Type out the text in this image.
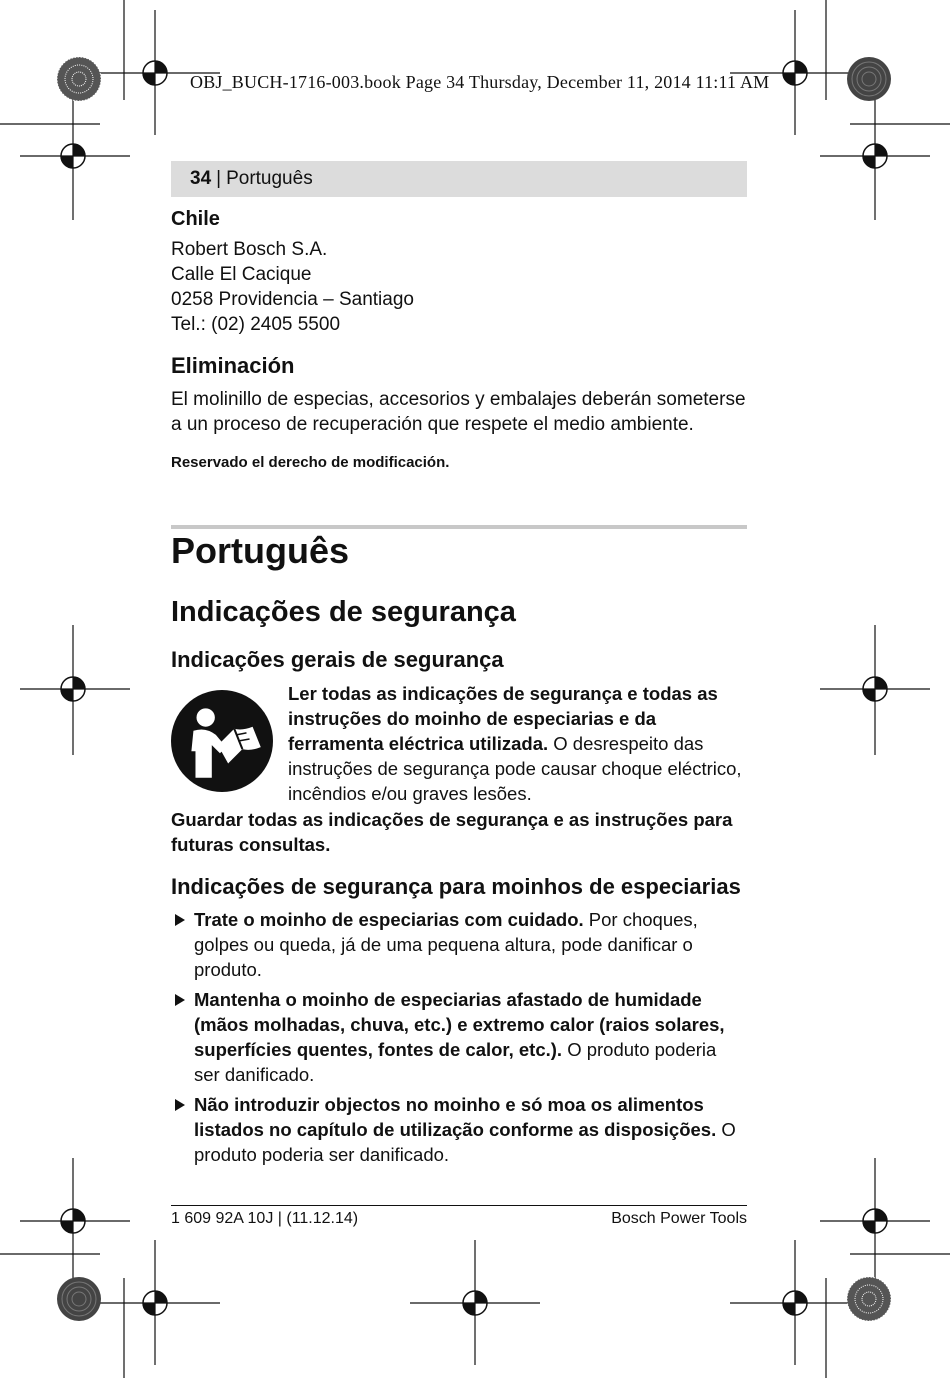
OBJ_BUCH-1716-003.book Page 34 Thursday, December 11, 2014 11:11 AM
34 | Português
Chile
Robert Bosch S.A.
Calle El Cacique
0258 Providencia – Santiago
Tel.: (02) 2405 5500
Eliminación
El molinillo de especias, accesorios y embalajes deberán someterse a un proceso de recuperación que respete el medio ambiente.
Reservado el derecho de modificación.
Português
Indicações de segurança
Indicações gerais de segurança
Ler todas as indicações de segurança e todas as instruções do moinho de especiarias e da ferramenta eléctrica utilizada. O desrespeito das instruções de segurança pode causar choque eléctrico, incêndios e/ou graves lesões.
Guardar todas as indicações de segurança e as instruções para futuras consultas.
Indicações de segurança para moinhos de especiarias
Trate o moinho de especiarias com cuidado. Por choques, golpes ou queda, já de uma pequena altura, pode danificar o produto.
Mantenha o moinho de especiarias afastado de humidade (mãos molhadas, chuva, etc.) e extremo calor (raios solares, superfícies quentes, fontes de calor, etc.). O produto poderia ser danificado.
Não introduzir objectos no moinho e só moa os alimentos listados no capítulo de utilização conforme as disposições. O produto poderia ser danificado.
1 609 92A 10J | (11.12.14)	Bosch Power Tools
